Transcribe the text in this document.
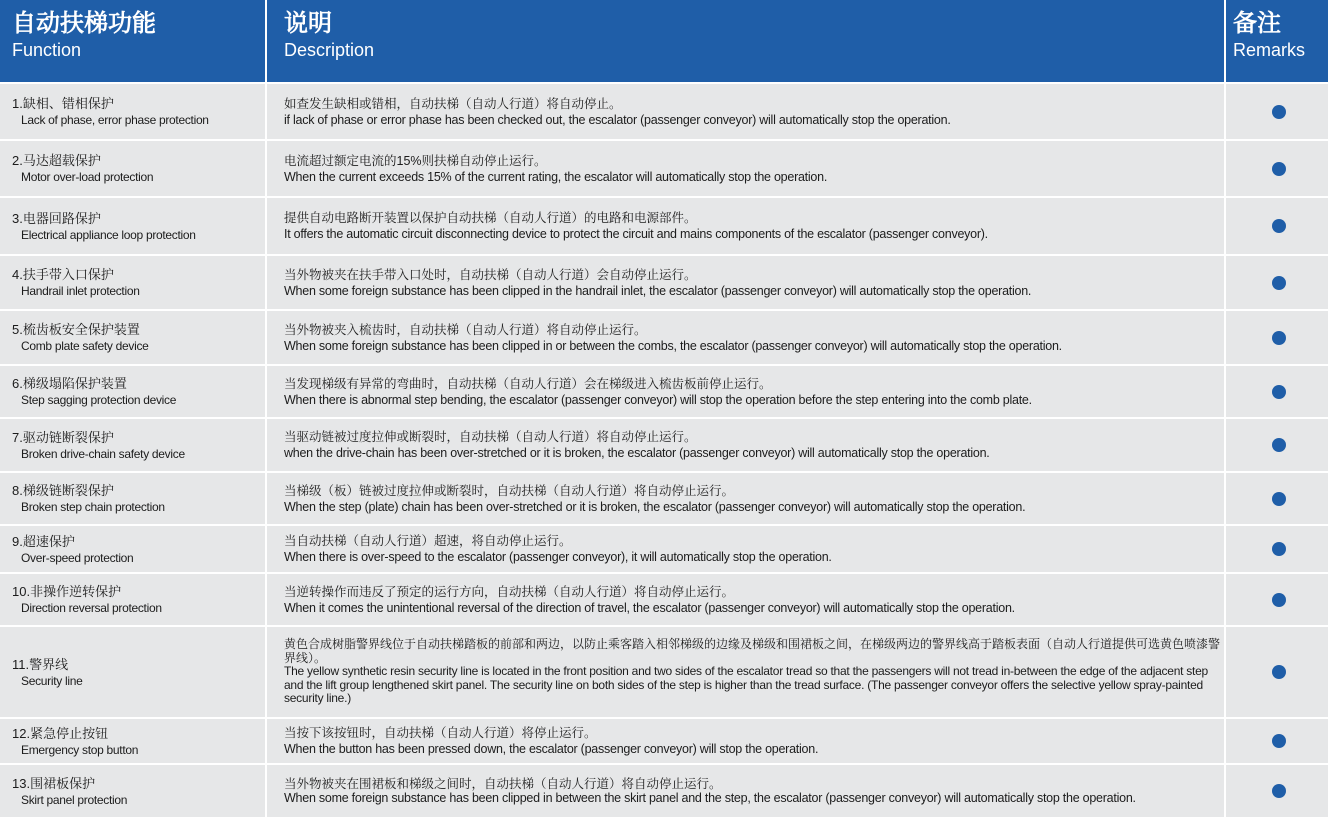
自动扶梯功能
Function
说明
Description
备注
Remarks
1.缺相、错相保护
Lack of phase, error phase protection
如查发生缺相或错相，自动扶梯（自动人行道）将自动停止。
if lack of phase or error phase has been checked out, the escalator (passenger conveyor) will automatically stop the operation.
2.马达超载保护
Motor over-load protection
电流超过额定电流的15%则扶梯自动停止运行。
When the current exceeds 15% of the current rating, the escalator will automatically stop the operation.
3.电器回路保护
Electrical appliance loop protection
提供自动电路断开装置以保护自动扶梯（自动人行道）的电路和电源部件。
It offers the automatic circuit disconnecting device to protect the circuit and mains components of the escalator (passenger conveyor).
4.扶手带入口保护
Handrail inlet protection
当外物被夹在扶手带入口处时，自动扶梯（自动人行道）会自动停止运行。
When some foreign substance has been clipped in the handrail inlet, the escalator (passenger conveyor) will automatically stop the operation.
5.梳齿板安全保护装置
Comb plate safety device
当外物被夹入梳齿时，自动扶梯（自动人行道）将自动停止运行。
When some foreign substance has been clipped in or between the combs, the escalator (passenger conveyor) will automatically stop the operation.
6.梯级塌陷保护装置
Step sagging protection device
当发现梯级有异常的弯曲时，自动扶梯（自动人行道）会在梯级进入梳齿板前停止运行。
When there is abnormal step bending, the escalator (passenger conveyor) will stop the operation before the step entering into the comb plate.
7.驱动链断裂保护
Broken drive-chain safety device
当驱动链被过度拉伸或断裂时，自动扶梯（自动人行道）将自动停止运行。
when the drive-chain has been over-stretched or it is broken, the escalator (passenger conveyor) will automatically stop the operation.
8.梯级链断裂保护
Broken step chain protection
当梯级（板）链被过度拉伸或断裂时，自动扶梯（自动人行道）将自动停止运行。
When the step (plate) chain has been over-stretched or it is broken, the escalator (passenger conveyor) will automatically stop the operation.
9.超速保护
Over-speed protection
当自动扶梯（自动人行道）超速，将自动停止运行。
When there is over-speed to the escalator (passenger conveyor), it will automatically stop the operation.
10.非操作逆转保护
Direction reversal protection
当逆转操作而违反了预定的运行方向，自动扶梯（自动人行道）将自动停止运行。
When it comes the unintentional reversal of the direction of travel, the escalator (passenger conveyor) will automatically stop the operation.
11.警界线
Security line
黄色合成树脂警界线位于自动扶梯踏板的前部和两边，以防止乘客踏入相邻梯级的边缘及梯级和围裙板之间，在梯级两边的警界线高于踏板表面（自动人行道提供可选黄色喷漆警界线）。
The yellow synthetic resin security line is located in the front position and two sides of the escalator tread so that the passengers will not tread in-between the edge of the adjacent step and the lift group lengthened skirt panel. The security line on both sides of the step is higher than the tread surface. (The passenger conveyor offers the selective yellow spray-painted security line.)
12.紧急停止按钮
Emergency stop button
当按下该按钮时，自动扶梯（自动人行道）将停止运行。
When the button has been pressed down, the escalator (passenger conveyor) will stop the operation.
13.围裙板保护
Skirt panel protection
当外物被夹在围裙板和梯级之间时，自动扶梯（自动人行道）将自动停止运行。
When some foreign substance has been clipped in between the skirt panel and the step, the escalator (passenger conveyor) will automatically stop the operation.
